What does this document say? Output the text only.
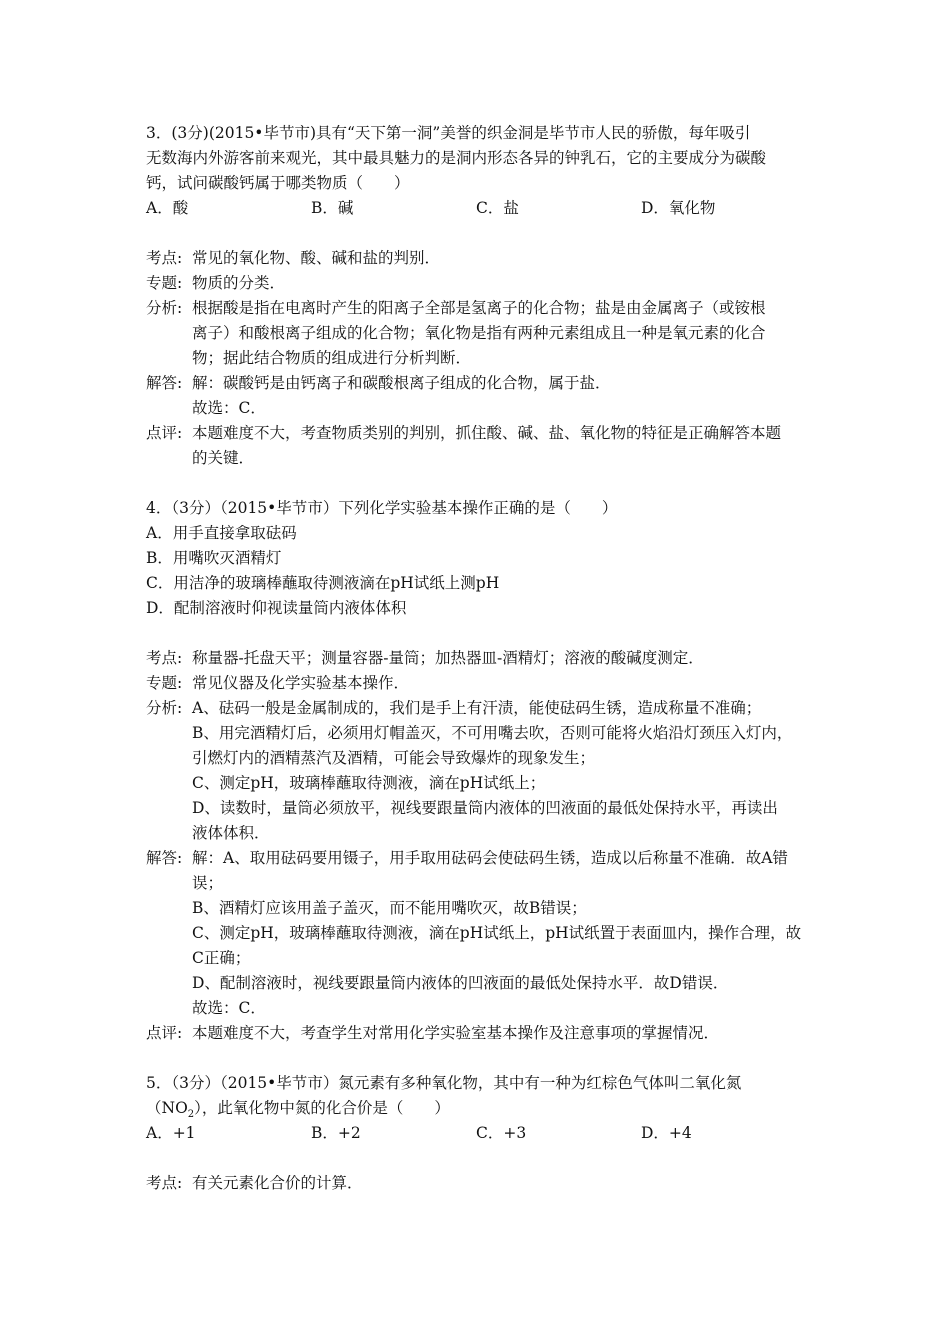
3．(3分)(2015•毕节市)具有“天下第一洞”美誉的织金洞是毕节市人民的骄傲，每年吸引
无数海内外游客前来观光，其中最具魅力的是洞内形态各异的钟乳石，它的主要成分为碳酸
钙，试问碳酸钙属于哪类物质（　　）
A．酸	B．碱	C．盐	D．氧化物
考点: 常见的氧化物、酸、碱和盐的判别．
专题: 物质的分类．
分析: 根据酸是指在电离时产生的阳离子全部是氢离子的化合物；盐是由金属离子（或铵根
离子）和酸根离子组成的化合物；氧化物是指有两种元素组成且一种是氧元素的化合
物；据此结合物质的组成进行分析判断．
解答: 解：碳酸钙是由钙离子和碳酸根离子组成的化合物，属于盐．
故选：C．
点评: 本题难度不大，考查物质类别的判别，抓住酸、碱、盐、氧化物的特征是正确解答本题
的关键．
4．（3分）（2015•毕节市）下列化学实验基本操作正确的是（　　）
A．用手直接拿取砝码
B．用嘴吹灭酒精灯
C．用洁净的玻璃棒蘸取待测液滴在pH试纸上测pH
D．配制溶液时仰视读量筒内液体体积
考点: 称量器-托盘天平；测量容器-量筒；加热器皿-酒精灯；溶液的酸碱度测定．
专题: 常见仪器及化学实验基本操作．
分析: A、砝码一般是金属制成的，我们是手上有汗渍，能使砝码生锈，造成称量不准确；
B、用完酒精灯后，必须用灯帽盖灭，不可用嘴去吹，否则可能将火焰沿灯颈压入灯内，
引燃灯内的酒精蒸汽及酒精，可能会导致爆炸的现象发生；
C、测定pH，玻璃棒蘸取待测液，滴在pH试纸上；
D、读数时，量筒必须放平，视线要跟量筒内液体的凹液面的最低处保持水平，再读出
液体体积．
解答: 解：A、取用砝码要用镊子，用手取用砝码会使砝码生锈，造成以后称量不准确．故A错
误；
B、酒精灯应该用盖子盖灭，而不能用嘴吹灭，故B错误；
C、测定pH，玻璃棒蘸取待测液，滴在pH试纸上，pH试纸置于表面皿内，操作合理，故
C正确；
D、配制溶液时，视线要跟量筒内液体的凹液面的最低处保持水平．故D错误．
故选：C．
点评: 本题难度不大，考查学生对常用化学实验室基本操作及注意事项的掌握情况．
5．（3分）（2015•毕节市）氮元素有多种氧化物，其中有一种为红棕色气体叫二氧化氮
$(NO_2)$，此氧化物中氮的化合价是（　　）
A．+1	B．+2	C．+3	D．+4
考点: 有关元素化合价的计算．
